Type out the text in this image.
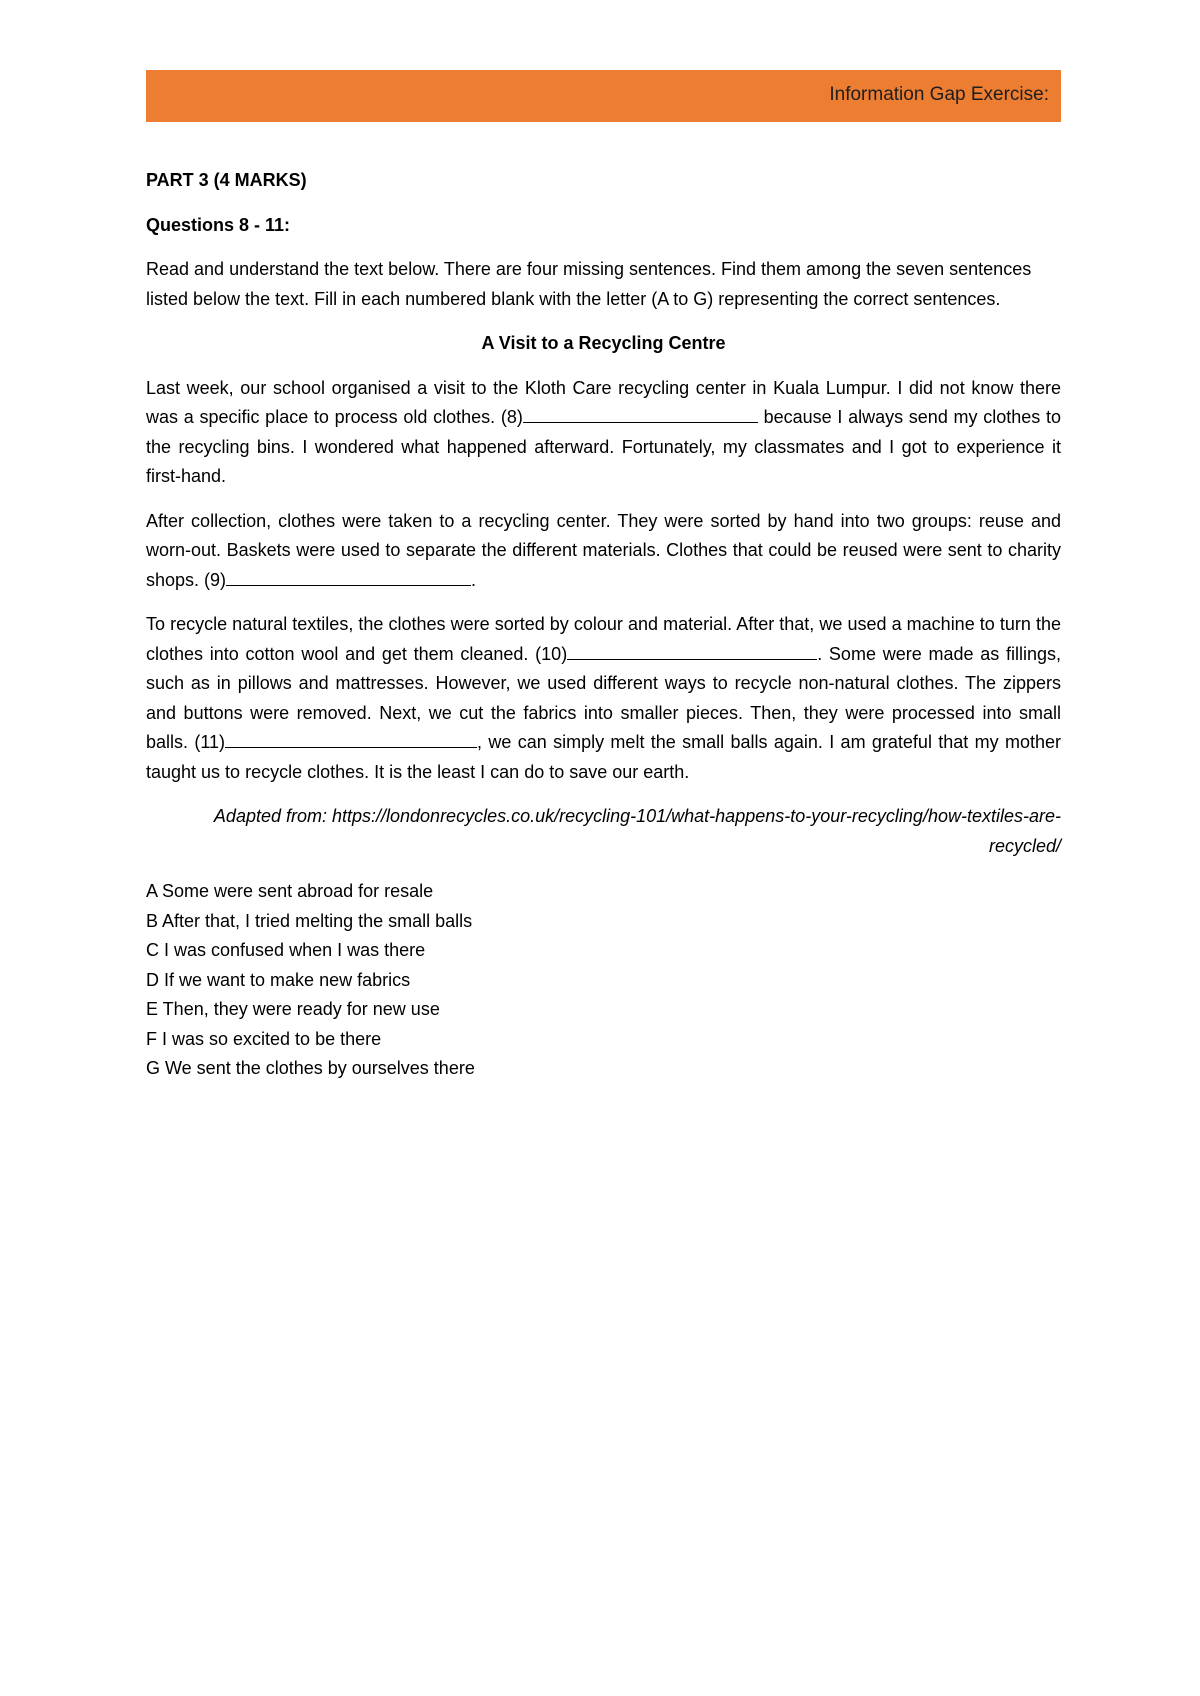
Information Gap Exercise:

PART 3 (4 MARKS)

Questions 8 - 11:

Read and understand the text below. There are four missing sentences. Find them among the seven sentences listed below the text. Fill in each numbered blank with the letter (A to G) representing the correct sentences.

A Visit to a Recycling Centre

Last week, our school organised a visit to the Kloth Care recycling center in Kuala Lumpur. I did not know there was a specific place to process old clothes. (8)	because I always send my clothes to the recycling bins. I wondered what happened afterward. Fortunately, my classmates and I got to experience it first-hand.

After collection, clothes were taken to a recycling center. They were sorted by hand into two groups: reuse and worn-out. Baskets were used to separate the different materials. Clothes that could be reused were sent to charity shops. (9)	.

To recycle natural textiles, the clothes were sorted by colour and material. After that, we used a machine to turn the clothes into cotton wool and get them cleaned. (10)	. Some were made as fillings, such as in pillows and mattresses. However, we used different ways to recycle non-natural clothes. The zippers and buttons were removed. Next, we cut the fabrics into smaller pieces. Then, they were processed into small balls. (11)	, we can simply melt the small balls again. I am grateful that my mother taught us to recycle clothes. It is the least I can do to save our earth.

Adapted from: https://londonrecycles.co.uk/recycling-101/what-happens-to-your-recycling/how-textiles-are-recycled/

A Some were sent abroad for resale
B After that, I tried melting the small balls
C I was confused when I was there
D If we want to make new fabrics
E Then, they were ready for new use
F I was so excited to be there
G We sent the clothes by ourselves there
